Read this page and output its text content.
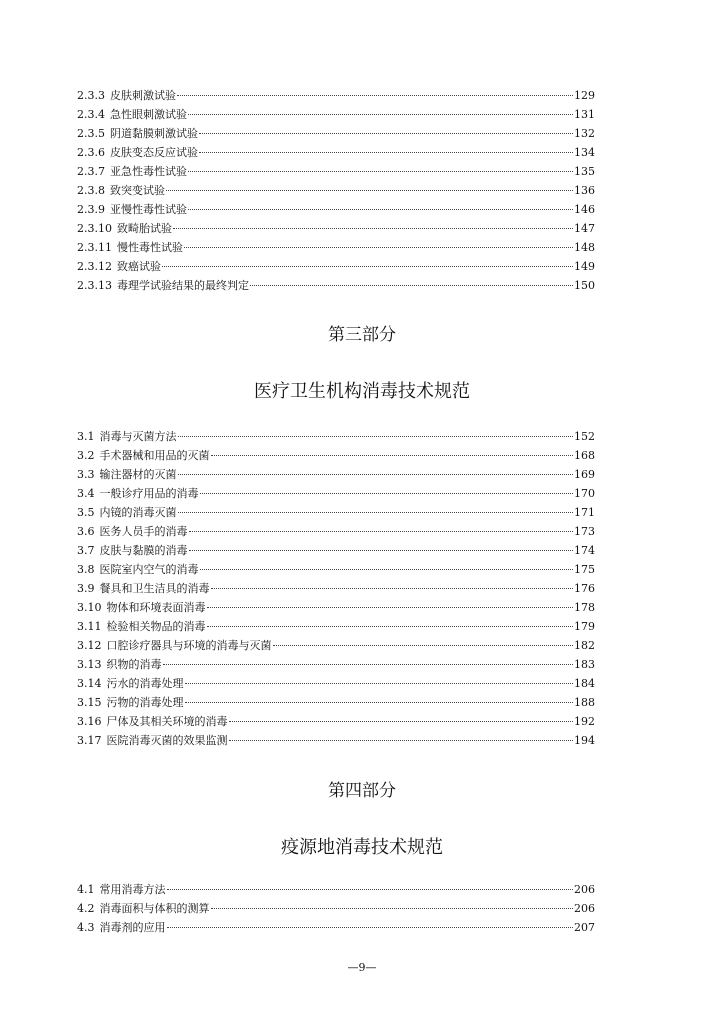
2.3.3 皮肤刺激试验	129
2.3.4 急性眼刺激试验	131
2.3.5 阴道黏膜刺激试验	132
2.3.6 皮肤变态反应试验	134
2.3.7 亚急性毒性试验	135
2.3.8 致突变试验	136
2.3.9 亚慢性毒性试验	146
2.3.10 致畸胎试验	147
2.3.11 慢性毒性试验	148
2.3.12 致癌试验	149
2.3.13 毒理学试验结果的最终判定	150
第三部分
医疗卫生机构消毒技术规范
3.1 消毒与灭菌方法	152
3.2 手术器械和用品的灭菌	168
3.3 输注器材的灭菌	169
3.4 一般诊疗用品的消毒	170
3.5 内镜的消毒灭菌	171
3.6 医务人员手的消毒	173
3.7 皮肤与黏膜的消毒	174
3.8 医院室内空气的消毒	175
3.9 餐具和卫生洁具的消毒	176
3.10 物体和环境表面消毒	178
3.11 检验相关物品的消毒	179
3.12 口腔诊疗器具与环境的消毒与灭菌	182
3.13 织物的消毒	183
3.14 污水的消毒处理	184
3.15 污物的消毒处理	188
3.16 尸体及其相关环境的消毒	192
3.17 医院消毒灭菌的效果监测	194
第四部分
疫源地消毒技术规范
4.1 常用消毒方法	206
4.2 消毒面积与体积的测算	206
4.3 消毒剂的应用	207
—9—
